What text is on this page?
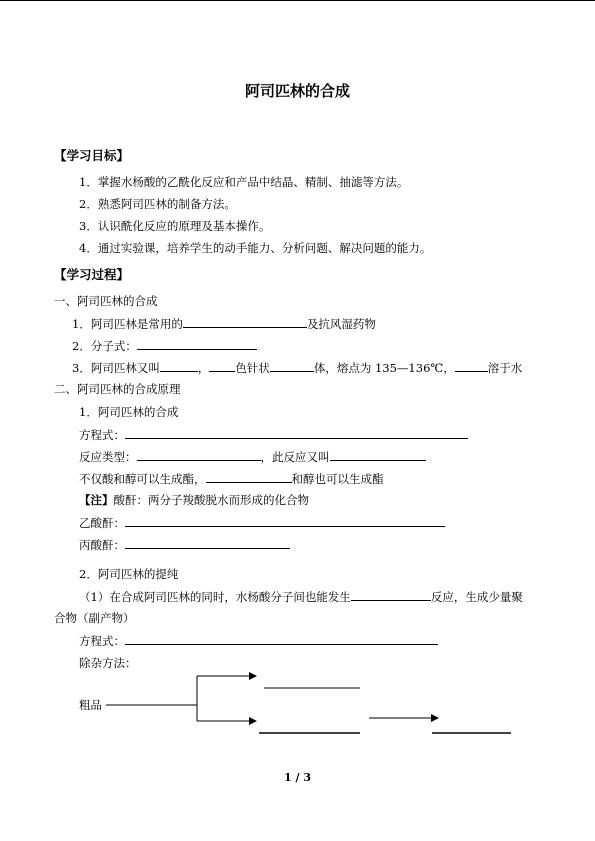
阿司匹林的合成
【学习目标】
1．掌握水杨酸的乙酰化反应和产品中结晶、精制、抽滤等方法。
2．熟悉阿司匹林的制备方法。
3．认识酰化反应的原理及基本操作。
4．通过实验课，培养学生的动手能力、分析问题、解决问题的能力。
【学习过程】
一、阿司匹林的合成
1．阿司匹林是常用的	及抗风湿药物
2．分子式：
3．阿司匹林又叫	， 色针状	体，熔点为 135—136℃，	溶于水
二、阿司匹林的合成原理
1．阿司匹林的合成
方程式：
反应类型：	，此反应又叫
不仅酸和醇可以生成酯，	和醇也可以生成酯
【注】酸酐：两分子羧酸脱水而形成的化合物
乙酸酐：
丙酸酐：
2．阿司匹林的提纯
（1）在合成阿司匹林的同时，水杨酸分子间也能发生	反应，生成少量聚
合物（副产物）
方程式：
除杂方法：
粗品
1 / 3
